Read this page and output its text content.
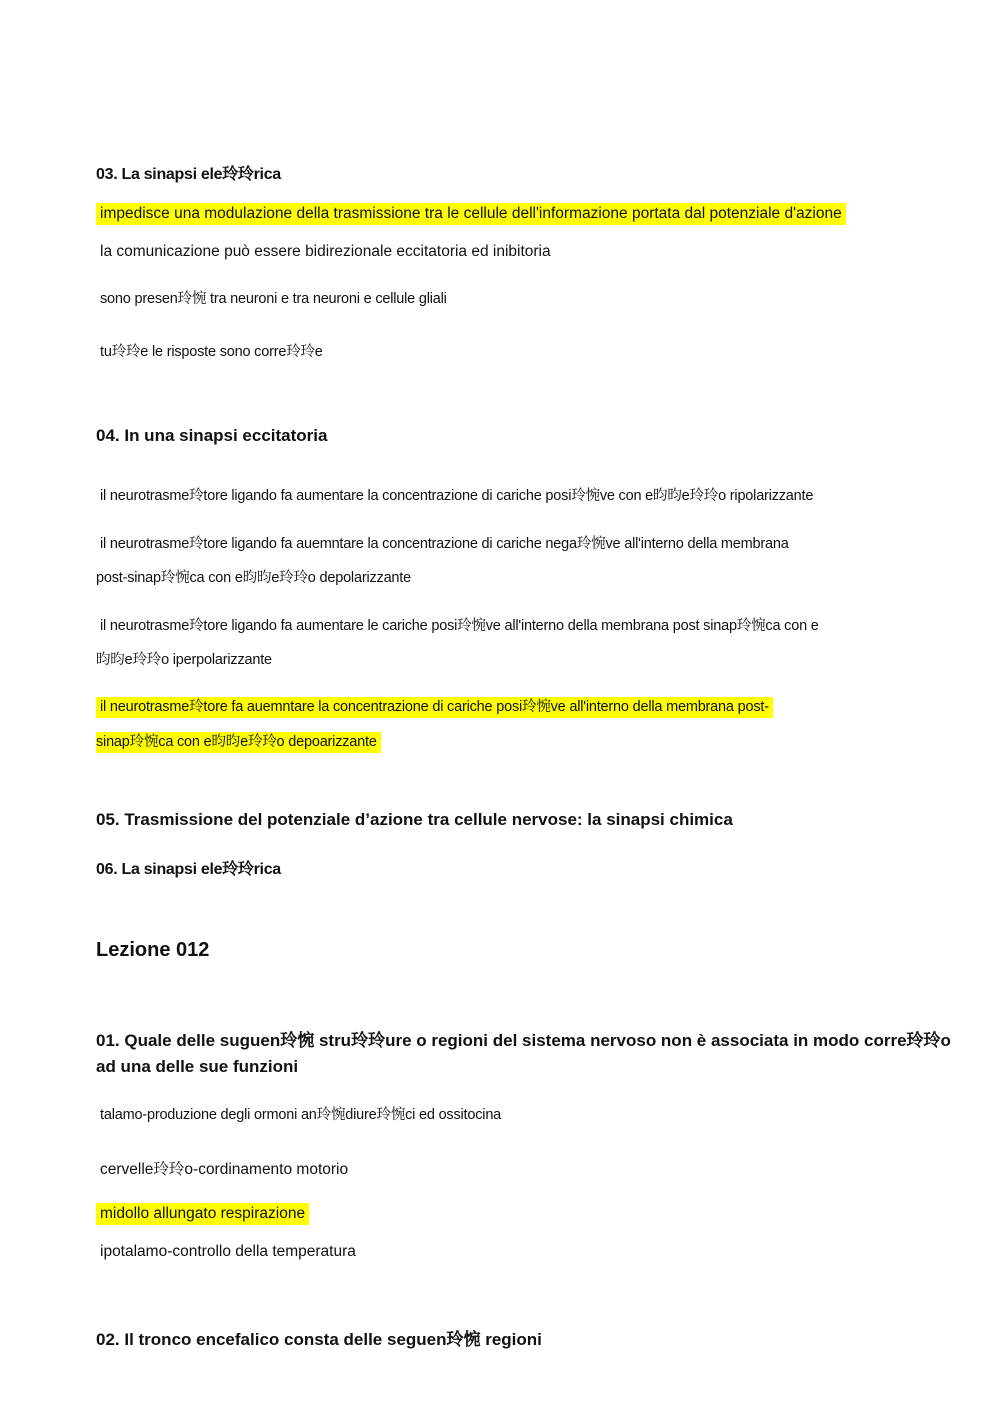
03. La sinapsi ele玲玲rica
impedisce una modulazione della trasmissione tra le cellule dell'informazione portata dal potenziale d'azione
la comunicazione può essere bidirezionale eccitatoria ed inibitoria
sono presen玲惋 tra neuroni e tra neuroni e cellule gliali
tu玲玲e le risposte sono corre玲玲e
04. In una sinapsi eccitatoria
il neurotrasme玲tore ligando fa aumentare la concentrazione di cariche posi玲惋ve con e昀昀e玲玲o ripolarizzante
il neurotrasme玲tore ligando fa auemntare la concentrazione di cariche nega玲惋ve all'interno della membrana
post-sinap玲惋ca con e昀昀e玲玲o depolarizzante
il neurotrasme玲tore ligando fa aumentare le cariche posi玲惋ve all'interno della membrana post sinap玲惋ca con e
昀昀e玲玲o iperpolarizzante
il neurotrasme玲tore fa auemntare la concentrazione di cariche posi玲惋ve all'interno della membrana post-
sinap玲惋ca con e昀昀e玲玲o depoarizzante
05. Trasmissione del potenziale d’azione tra cellule nervose: la sinapsi chimica
06. La sinapsi ele玲玲rica
Lezione 012
01. Quale delle suguen玲惋 stru玲玲ure o regioni del sistema nervoso non è associata in modo corre玲玲o
ad una delle sue funzioni
talamo-produzione degli ormoni an玲惋diure玲惋ci ed ossitocina
cervelle玲玲o-cordinamento motorio
midollo allungato respirazione
ipotalamo-controllo della temperatura
02. Il tronco encefalico consta delle seguen玲惋 regioni
